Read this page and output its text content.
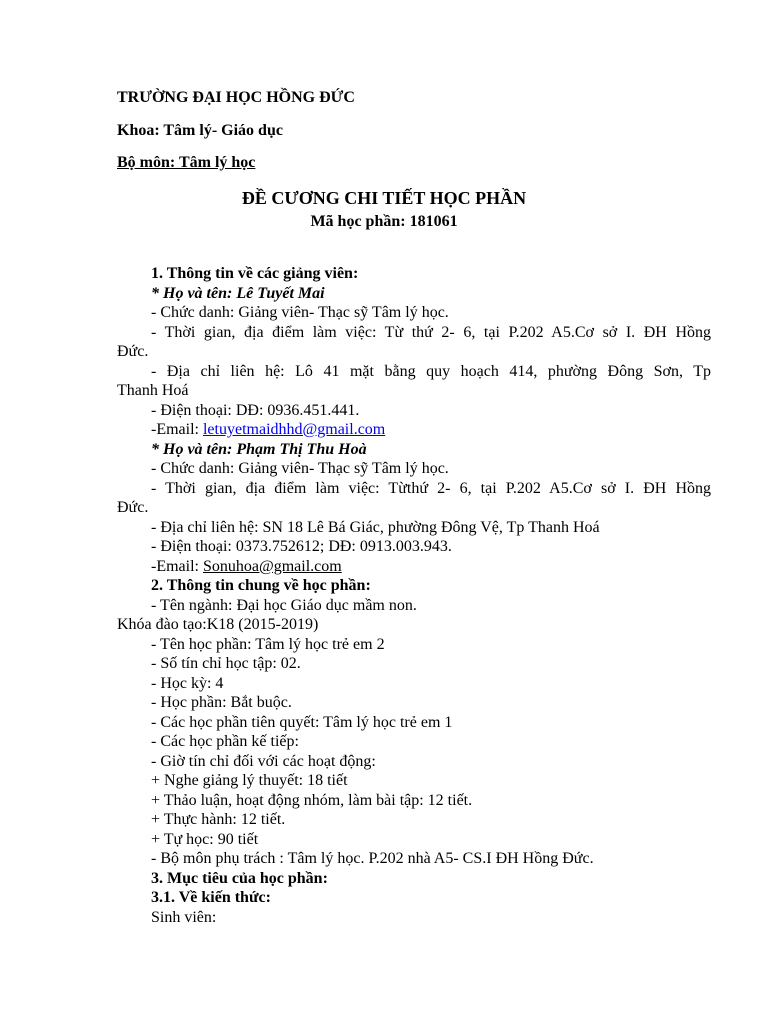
TRƯỜNG ĐẠI HỌC HỒNG ĐỨC
Khoa: Tâm lý- Giáo dục
Bộ môn: Tâm lý học
ĐỀ CƯƠNG CHI TIẾT HỌC PHẦN
Mã học phần: 181061
1. Thông tin về các giảng viên:
* Họ và tên: Lê Tuyết Mai
- Chức danh: Giảng viên- Thạc sỹ Tâm lý học.
- Thời gian, địa điểm làm việc: Từ thứ 2- 6, tại P.202 A5.Cơ sở I. ĐH Hồng
Đức.
- Địa chỉ liên hệ: Lô 41 mặt bằng quy hoạch 414, phường Đông Sơn, Tp
Thanh Hoá
- Điện thoại: DĐ: 0936.451.441.
-Email: letuyetmaidhhd@gmail.com
* Họ và tên: Phạm Thị Thu Hoà
- Chức danh: Giảng viên- Thạc sỹ Tâm lý học.
- Thời gian, địa điểm làm việc: Từthứ 2- 6, tại P.202 A5.Cơ sở I. ĐH Hồng
Đức.
- Địa chỉ liên hệ: SN 18 Lê Bá Giác, phường Đông Vệ, Tp Thanh Hoá
- Điện thoại: 0373.752612; DĐ: 0913.003.943.
-Email: Sonuhoa@gmail.com
2. Thông tin chung về học phần:
- Tên ngành: Đại học Giáo dục mầm non.
Khóa đào tạo:K18 (2015-2019)
- Tên học phần: Tâm lý học trẻ em 2
- Số tín chỉ học tập: 02.
- Học kỳ: 4
- Học phần: Bắt buộc.
- Các học phần tiên quyết: Tâm lý học trẻ em 1
- Các học phần kế tiếp:
- Giờ tín chỉ đối với các hoạt động:
+ Nghe giảng lý thuyết: 18 tiết
+ Thảo luận, hoạt động nhóm, làm bài tập: 12 tiết.
+ Thực hành: 12 tiết.
+ Tự học: 90 tiết
- Bộ môn phụ trách : Tâm lý học. P.202 nhà A5- CS.I ĐH Hồng Đức.
3. Mục tiêu của học phần:
3.1. Về kiến thức:
Sinh viên:
